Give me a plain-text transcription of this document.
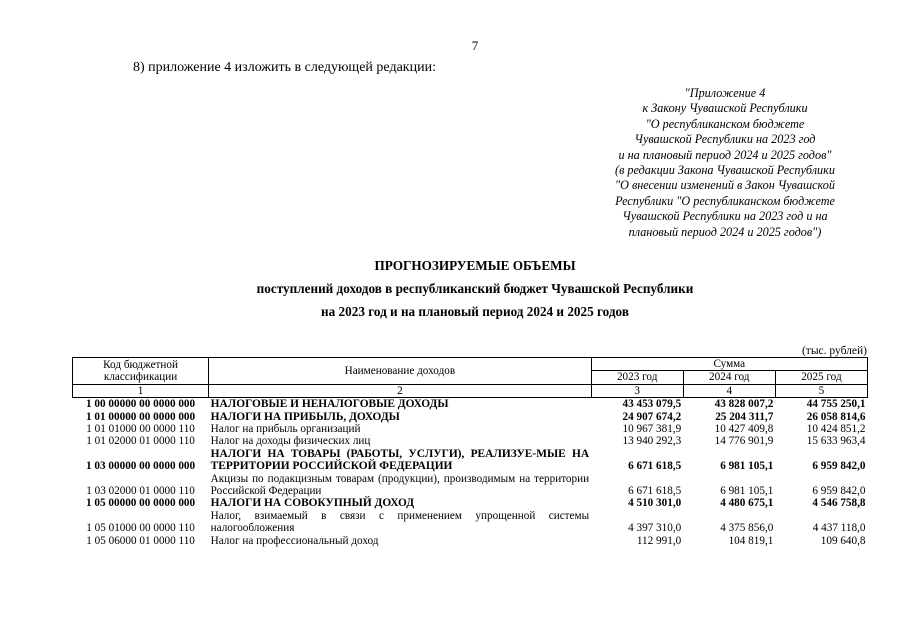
7
8) приложение 4 изложить в следующей редакции:
"Приложение 4
к Закону Чувашской Республики
"О республиканском бюджете
Чувашской Республики на 2023 год
и на плановый период 2024 и 2025 годов"
(в редакции Закона Чувашской Республики
"О внесении изменений в Закон Чувашской
Республики "О республиканском бюджете
Чувашской Республики на 2023 год и на
плановый период 2024 и 2025 годов")
ПРОГНОЗИРУЕМЫЕ ОБЪЕМЫ
поступлений доходов в республиканский бюджет Чувашской Республики
на 2023 год и на плановый период 2024 и 2025 годов
(тыс. рублей)
Код бюджетной классификации	Наименование доходов	Сумма		
		2023 год	2024 год	2025 год
1	2	3	4	5
1 00 00000 00 0000 000	НАЛОГОВЫЕ И НЕНАЛОГОВЫЕ ДОХОДЫ	43 453 079,5	43 828 007,2	44 755 250,1
1 01 00000 00 0000 000	НАЛОГИ НА ПРИБЫЛЬ, ДОХОДЫ	24 907 674,2	25 204 311,7	26 058 814,6
1 01 01000 00 0000 110	Налог на прибыль организаций	10 967 381,9	10 427 409,8	10 424 851,2
1 01 02000 01 0000 110	Налог на доходы физических лиц	13 940 292,3	14 776 901,9	15 633 963,4
1 03 00000 00 0000 000	НАЛОГИ НА ТОВАРЫ (РАБОТЫ, УСЛУГИ), РЕАЛИЗУЕ-МЫЕ НА ТЕРРИТОРИИ РОССИЙСКОЙ ФЕДЕРАЦИИ	6 671 618,5	6 981 105,1	6 959 842,0
1 03 02000 01 0000 110	Акцизы по подакцизным товарам (продукции), производимым на территории Российской Федерации	6 671 618,5	6 981 105,1	6 959 842,0
1 05 00000 00 0000 000	НАЛОГИ НА СОВОКУПНЫЙ ДОХОД	4 510 301,0	4 480 675,1	4 546 758,8
1 05 01000 00 0000 110	Налог, взимаемый в связи с применением упрощенной системы налогообложения	4 397 310,0	4 375 856,0	4 437 118,0
1 05 06000 01 0000 110	Налог на профессиональный доход	112 991,0	104 819,1	109 640,8
